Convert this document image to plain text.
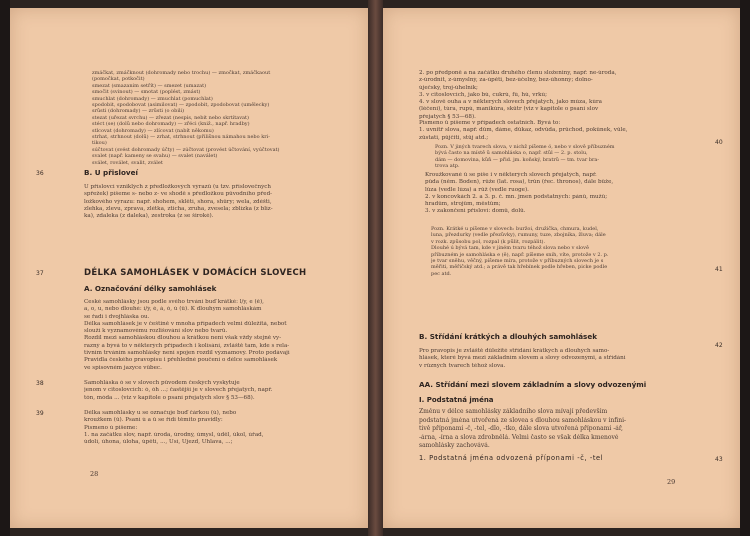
zmáčkat, zmáčknout (dohromady nebo trochu) — zmočkat, zmáčkaout
(pomočkat, potkočit)
smezat (smazanim setřít) — smezet (umazat)
smočit (svinout) — smotat (poplést, zmást)
smuchlat (dohromady) — zmuchlat (pomuchlat)
spodobit, spodobovat (asimilovat) — zpodobit, zpodobovat (umělecky)
srůsti (dohromady) — zrůsti (o obili)
stezat (uřezat svrchu) — zřezat (nespis, nebit nebo skrtítavat)
stéct (se) (dolů nebo dohromady) — zřéci (kniž., např. hradby)
stlcovat (dohromady) — zlícovat (nabít někomu)
strhat, strhnout (dolů) — zrhat, strhnout (přilišnou námahou nebo kri-
tikou)
súčtovat (svést dohromady účty) — zúčtovat (provést účtování, vyúčtovat)
svalet (např. kameny se svahu) — svalet (naválet)
sválet, roválet, svalit, zválet
36	B. U přisloveí
U příslovcí vzniklých z předložkových výrazů (u tzv. příslovečných
spřežek) píšeme s- nebo z- ve shodě s předložkou původního před-
ložkového výrazu: např. shohem, sklětí, shora, shůry; wela, zdéšti,
zlehka, zlevu, zprava, zlétka, zticha, zruha, zvesela; zblízka (z blíz-
ka), zdaleka (z daleka), zestroka (z se široké).
37	DÉLKA SAMOHLÁSEK V DOMÁCÍCH SLOVECH
A. Označování délky samohlásek
České samohlásky jsou podle svého trvání buď krátké: l/y, e (ě),
a, o, u, nebo dlouhé: í/ý, é, á, ó, ú (ů). K dlouhým samohláskám
se řadí i dvojhláska ou.
Délka samohlásek je v češtině v mnoha případech velmi důležitá, neboť
slouží k vyznamovému rozlišování slov nebo tvarů.
Rozdíl mezi samohláskou dlouhou a krátkou není však vždy stejně vy-
razný a bývá to v některých případech i kolísání, zvláště tam, kde s rela-
tivním trváním samohlásky není spojen rozdíl významový. Proto podávají
Pravidla českého pravopisu i přehledné poučení o délce samohlásek
ve spisovném jazyce vůbec.
38	Samohláska ó se v slovech původem českých vyskytuje
jenom v citoslovcích: ó, óh ...; častější je v slovech přejatých, např.
tón, móda ... (viz v kapitole o psaní přejatých slov § 53—68).
39	Délka samohlásky u se označuje buď čárkou (ú), nebo
kroužkem (ů). Psaní ú a ů se řídí těmito pravidly:
Písmeno ú píšeme:
1. na začátku slov, např. úroda, úrodný, úmysl, úděl, úkol, úřad,
údolí, úhona, úloha, úpětí, ..., Úsí, Újezd, Úhlava, ...;
28
2. po předponě a na začátku druhého členu složeniny, např. ne-úroda,
z-úrodnit, z-úmyslný, za-úpěti, bez-účelný, bez-úhonný; dolno-
úječský, troj-úhelník;
3. v citoslovcích, jako bú, cukrú, fú, hú, vrkú;
4. v slově ouha a v některých slovech přejatých, jako múza, kúra
(léčení), túra, rupú, manikúra, skůtr (viz v kapitole o psaní slov
přejatých § 53—68).
40
Písmeno ů píšeme v případech ostatních. Bývá to:
1. uvnitř slova, např. dům, dáme, důkaz, odvůda, průchod, pokůnek, vůle,
zůstati, půjčiti, stůj atd.;
Pozn. V jiných tvarech slova, v nichž píšeme ó, nebo v slově příbuzném
bývá často na místě ů samohláska o, např. stůl — 2. p. stolu,
dám — domovina, kůň — přid. jm. koňský, bratrů — tm. tvar bra-
trova atp.
Kroužkované ů se píše i v některých slovech přejatých, např.
půda (něm. Boden), růže (lat. rosa), trůn (řec. thronos), dále bůže,
lůza (vedle lúza) a růž (vedle ruoge).
2. v koncovkách 2. a 3. p. č. mn. jmen podstatných: pánů, mužů;
hradům, strojům, městům;
3. v zakončení přísloví: domů, dolů.
41
Pozn. Krátké u píšeme v slovech: buržoi, družička, chmura, kudel,
luna, přezdurky (vedle přezůvky), rumuny, tuze, zbojníka, žluva; dále
v rozk. způsobu pol, rozpal (k půlit, rozpálit).
Dlouhé ú bývá tam, kde v jiném tvaru téhož slova nebo v slově
příbuzném je samohláska e (ě), např. píšeme snih, víte, protože v 2. p.
je tvar sněhu, věčný, píšeme míra, protože v příbuzných slovech je s
měřiti, měřičský atd.; a právě tak hřebínek podle hřeben, picke podle
pec atd.
42
B. Střídání krátkých a dlouhých samohlásek
Pro pravopis je zvláště důležité střídání krátkých a dlouhých samo-
hlásek, které bývá mezi základním slovem a slovy odvozenými, a střídání
v různých tvarech téhož slova.
AA. Střídání mezi slovem základním a slovy odvozenými
I. Podstatná jména
Změnu v délce samohlásky základního slova mívají především
podstatná jména utvořená ze slovea s dlouhou samohláskou v infini-
tivě příponami -č, -tel, -dlo, -tko, dále slova utvořená příponami -ář,
-árna, -írna a slova zdrobnělá. Velmi často se však délka kmenové
samohlásky zachovává.
43
1. Podstatná jména odvozená příponami -č, -tel
29
